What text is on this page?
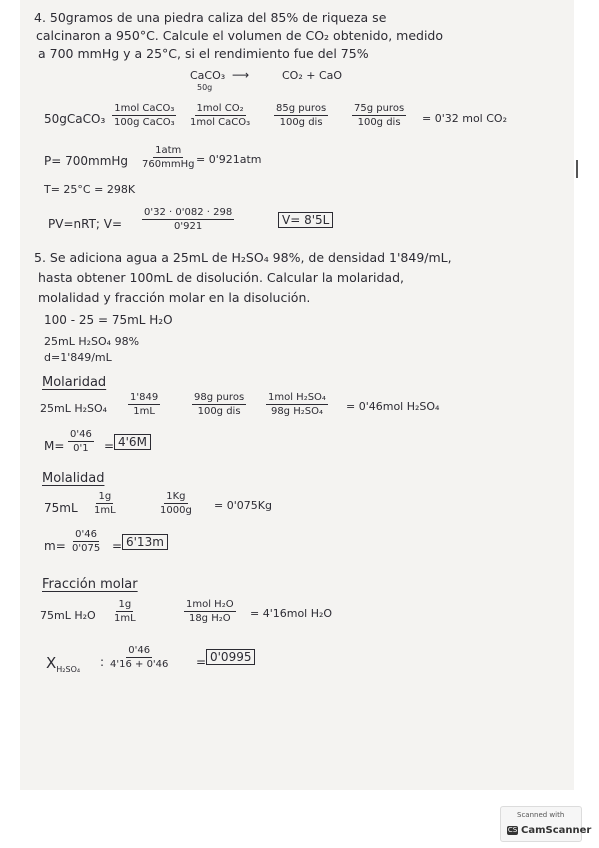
4. 50gramos de una piedra caliza del 85% de riqueza se
calcinaron a 950°C. Calcule el volumen de CO₂ obtenido, medido
a 700 mmHg y a 25°C, si el rendimiento fue del 75%
CaCO₃ ⟶	CO₂ + CaO
50g
50gCaCO₃
1mol CaCO₃
100g CaCO₃
1mol CO₂
1mol CaCO₃
85g puros
100g dis
75g puros
100g dis = 0'32 mol CO₂
P= 700mmHg
1atm
760mmHg = 0'921atm
T= 25°C = 298K
PV=nRT; $V= \frac{0'32 \cdot 0'082 \cdot 298}{0'921}$	V= 8'5L
5. Se adiciona agua a 25mL de H₂SO₄ 98%, de densidad 1'849/mL,
hasta obtener 100mL de disolución. Calcular la molaridad,
molalidad y fracción molar en la disolución.
100 - 25 = 75mL H₂O
25mL H₂SO₄ 98%
d=1'849/mL
Molaridad
25mL $H_2SO_4 \frac{1'849}{1mL}$	98g puros
100g dis
1mol H₂SO₄
98g H₂SO₄ = 0'46mol H₂SO₄
$M= \frac{0'46}{0'1} = 4'6M$
Molalidad
$75mL \frac{1g}{1mL}$	$\frac{1Kg}{1000g} = 0'075Kg$
$m= \frac{0'46}{0'075} = 6'13m$
Fracción molar
75mL $H_2O \frac{1g}{1mL}$	1mol H₂O
18g H₂O = 4'16mol H₂O
$X_{H_2SO_4}$
: $\frac{0'46}{4'16 + 0'46} = 0'0995$
Scanned with
CS CamScanner
